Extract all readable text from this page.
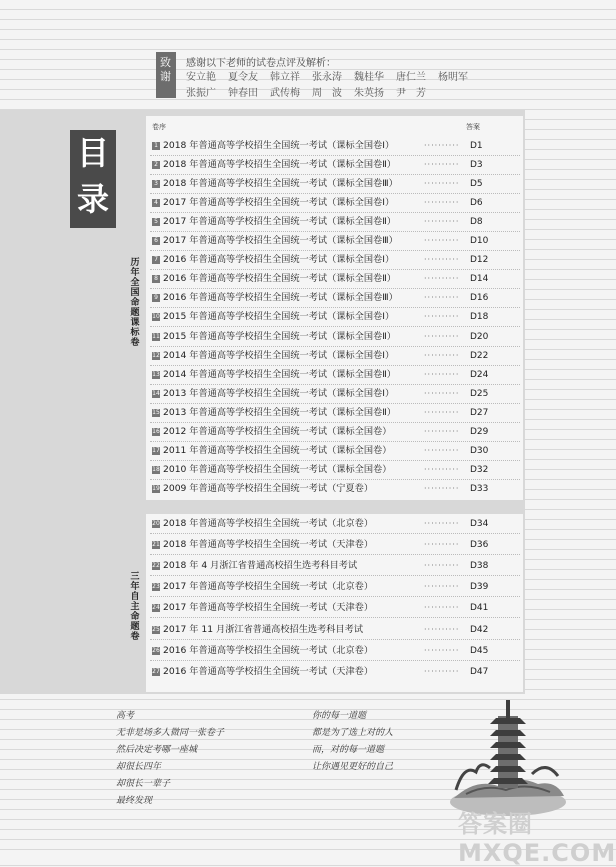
致谢
感谢以下老师的试卷点评及解析：
安立艳 夏令友 韩立祥 张永涛 魏桂华 唐仁兰 杨明军张振广 钟春田 武传梅 周　波 朱英扬 尹　芳
目
录
卷序	答案
历年全国命题课标卷
三年自主命题卷
1 2018 年普通高等学校招生全国统一考试（课标全国卷Ⅰ）	·········· D1
2 2018 年普通高等学校招生全国统一考试（课标全国卷Ⅱ）	·········· D3
3 2018 年普通高等学校招生全国统一考试（课标全国卷Ⅲ）	·········· D5
4 2017 年普通高等学校招生全国统一考试（课标全国卷Ⅰ）	·········· D6
5 2017 年普通高等学校招生全国统一考试（课标全国卷Ⅱ）	·········· D8
6 2017 年普通高等学校招生全国统一考试（课标全国卷Ⅲ）	·········· D10
7 2016 年普通高等学校招生全国统一考试（课标全国卷Ⅰ）	·········· D12
8 2016 年普通高等学校招生全国统一考试（课标全国卷Ⅱ）	·········· D14
9 2016 年普通高等学校招生全国统一考试（课标全国卷Ⅲ）	·········· D16
10 2015 年普通高等学校招生全国统一考试（课标全国卷Ⅰ）	·········· D18
11 2015 年普通高等学校招生全国统一考试（课标全国卷Ⅱ）	·········· D20
12 2014 年普通高等学校招生全国统一考试（课标全国卷Ⅰ）	·········· D22
13 2014 年普通高等学校招生全国统一考试（课标全国卷Ⅱ）	·········· D24
14 2013 年普通高等学校招生全国统一考试（课标全国卷Ⅰ）	·········· D25
15 2013 年普通高等学校招生全国统一考试（课标全国卷Ⅱ）	·········· D27
16 2012 年普通高等学校招生全国统一考试（课标全国卷）	·········· D29
17 2011 年普通高等学校招生全国统一考试（课标全国卷）	·········· D30
18 2010 年普通高等学校招生全国统一考试（课标全国卷）	·········· D32
19 2009 年普通高等学校招生全国统一考试（宁夏卷）	·········· D33
20 2018 年普通高等学校招生全国统一考试（北京卷）	·········· D34
21 2018 年普通高等学校招生全国统一考试（天津卷）	·········· D36
22 2018 年 4 月浙江省普通高校招生选考科目考试	·········· D38
23 2017 年普通高等学校招生全国统一考试（北京卷）	·········· D39
24 2017 年普通高等学校招生全国统一考试（天津卷）	·········· D41
25 2017 年 11 月浙江省普通高校招生选考科目考试	·········· D42
26 2016 年普通高等学校招生全国统一考试（北京卷）	·········· D45
27 2016 年普通高等学校招生全国统一考试（天津卷）	·········· D47
高考
无非是场多人微同一张卷子
然后决定考哪一座城
却很长四年
却很长一辈子
最终发现
你的每一道题
都是为了选上对的人
而，对的每一道题
让你遇见更好的自己
答案圈 MXQE.COM
